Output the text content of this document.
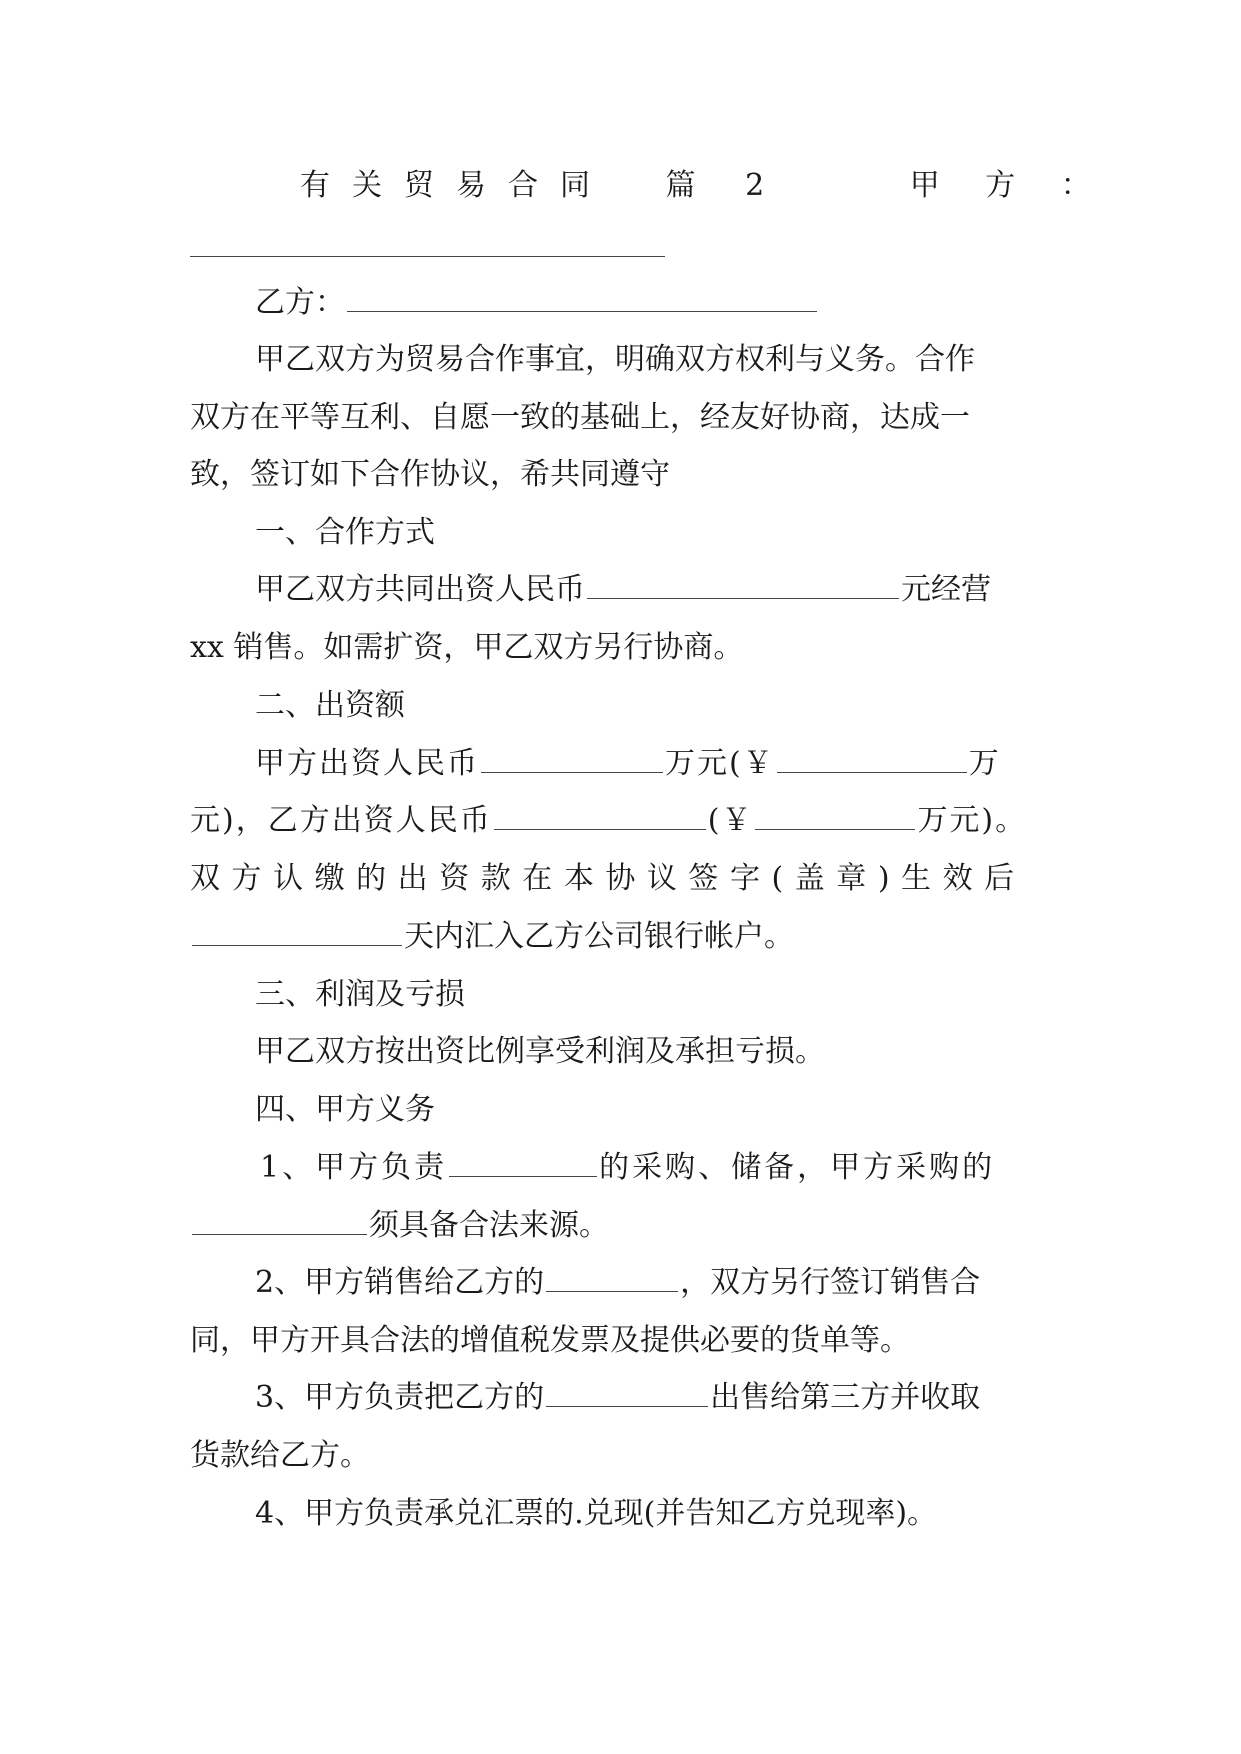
有关贸易合同 篇 2	甲 方 ：
乙方：
甲乙双方为贸易合作事宜，明确双方权利与义务。合作
双方在平等互利、自愿一致的基础上，经友好协商，达成一
致，签订如下合作协议，希共同遵守
一、合作方式
甲乙双方共同出资人民币	元经营
xx 销售。如需扩资，甲乙双方另行协商。
二、出资额
甲方出资人民币	万元(￥	万
元)，乙方出资人民币	(￥	万元)。
双 方 认 缴 的 出 资 款 在 本 协 议 签 字 ( 盖 章 ) 生 效 后
天内汇入乙方公司银行帐户。
三、利润及亏损
甲乙双方按出资比例享受利润及承担亏损。
四、甲方义务
1、甲方负责	的采购、储备，甲方采购的
须具备合法来源。
2、甲方销售给乙方的	，双方另行签订销售合
同，甲方开具合法的增值税发票及提供必要的货单等。
3、甲方负责把乙方的	出售给第三方并收取
货款给乙方。
4、甲方负责承兑汇票的.兑现(并告知乙方兑现率)。
